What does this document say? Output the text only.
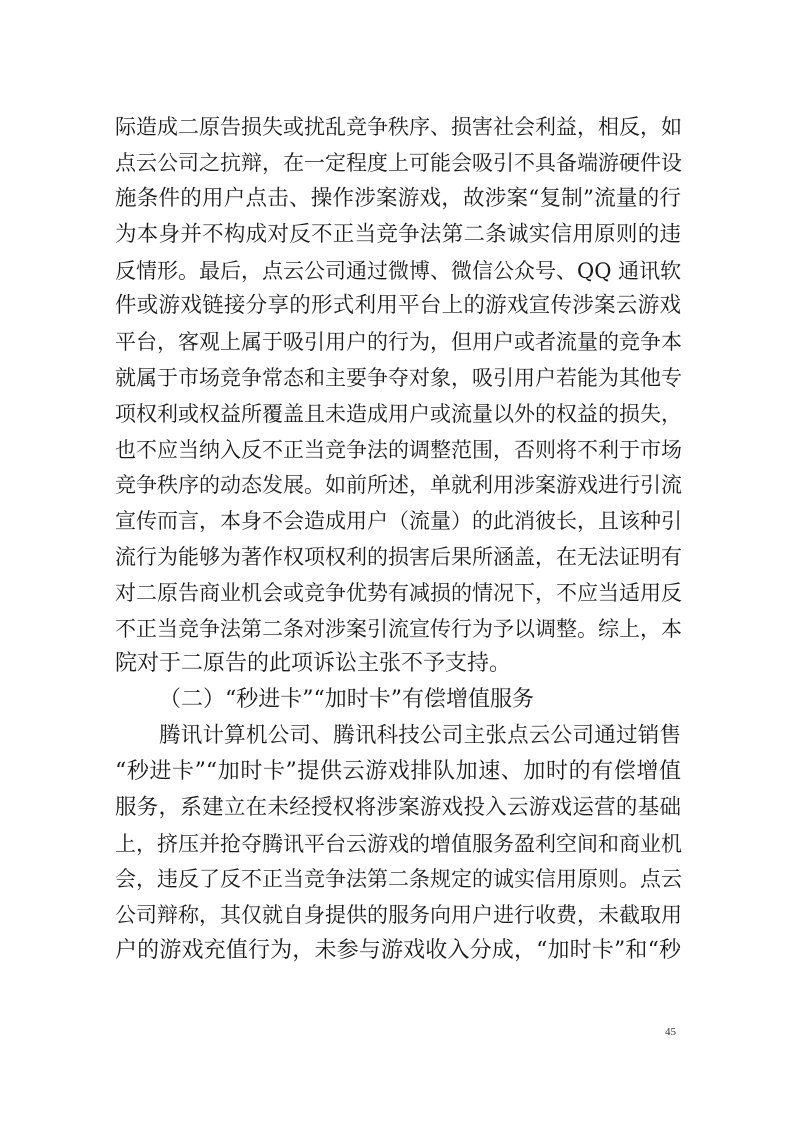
际造成二原告损失或扰乱竞争秩序、损害社会利益，相反，如
点云公司之抗辩，在一定程度上可能会吸引不具备端游硬件设
施条件的用户点击、操作涉案游戏，故涉案“复制”流量的行
为本身并不构成对反不正当竞争法第二条诚实信用原则的违
反情形。最后，点云公司通过微博、微信公众号、QQ 通讯软
件或游戏链接分享的形式利用平台上的游戏宣传涉案云游戏
平台，客观上属于吸引用户的行为，但用户或者流量的竞争本
就属于市场竞争常态和主要争夺对象，吸引用户若能为其他专
项权利或权益所覆盖且未造成用户或流量以外的权益的损失，
也不应当纳入反不正当竞争法的调整范围，否则将不利于市场
竞争秩序的动态发展。如前所述，单就利用涉案游戏进行引流
宣传而言，本身不会造成用户（流量）的此消彼长，且该种引
流行为能够为著作权项权利的损害后果所涵盖，在无法证明有
对二原告商业机会或竞争优势有减损的情况下，不应当适用反
不正当竞争法第二条对涉案引流宣传行为予以调整。综上，本
院对于二原告的此项诉讼主张不予支持。
（二）“秒进卡”“加时卡”有偿增值服务
腾讯计算机公司、腾讯科技公司主张点云公司通过销售
“秒进卡”“加时卡”提供云游戏排队加速、加时的有偿增值
服务，系建立在未经授权将涉案游戏投入云游戏运营的基础
上，挤压并抢夺腾讯平台云游戏的增值服务盈利空间和商业机
会，违反了反不正当竞争法第二条规定的诚实信用原则。点云
公司辩称，其仅就自身提供的服务向用户进行收费，未截取用
户的游戏充值行为，未参与游戏收入分成，“加时卡”和“秒
45
